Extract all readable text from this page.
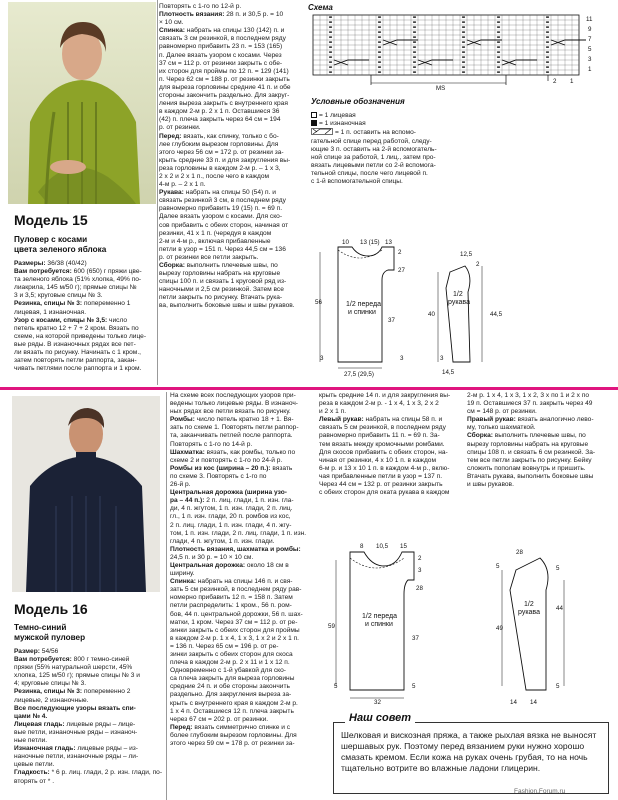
Модель 15
Пуловер с косами
цвета зеленого яблока
Размеры: 36/38 (40/42)
Вам потребуется: 600 (650) г пряжи цве-
та зеленого яблока (51% хлопка, 49% по-
лиакрила, 145 м/50 г); прямые спицы №
3 и 3,5; круговые спицы № 3.
Резинка, спицы № 3: попеременно 1
лицевая, 1 изнаночная.
Узор с косами, спицы № 3,5: число
петель кратно 12 + 7 + 2 кром. Вязать по
схеме, на которой приведены только лице-
вые ряды. В изнаночных рядах все пет-
ли вязать по рисунку. Начинать с 1 кром.,
затем повторять петли раппорта, закан-
чивать петлями после раппорта и 1 кром.
Повторять с 1-го по 12-й р.
Плотность вязания: 28 п. и 30,5 р. = 10
× 10 см.
Спинка: набрать на спицы 130 (142) п. и
связать 3 см резинкой, в последнем ряду
равномерно прибавить 23 п. = 153 (165)
п. Далее вязать узором с косами. Через
37 см = 112 р. от резинки закрыть с обе-
их сторон для проймы по 12 п. = 129 (141)
п. Через 62 см = 188 р. от резинки закрыть
для выреза горловины средние 41 п. и обе
стороны закончить раздельно. Для закруг-
ления выреза закрыть с внутреннего края
в каждом 2-м р. 2 х 1 п. Оставшиеся 36
(42) п. плеча закрыть через 64 см = 194
р. от резинки.
Перед: вязать, как спинку, только с бо-
лее глубоким вырезом горловины. Для
этого через 56 см = 172 р. от резинки за-
крыть средние 33 п. и для закругления вы-
реза горловины в каждом 2-м р. – 1 х 3,
2 х 2 и 2 х 1 п., после чего в каждом
4-м р. – 2 х 1 п.
Рукава: набрать на спицы 50 (54) п. и
связать резинкой 3 см, в последнем ряду
равномерно прибавить 19 (15) п. = 69 п.
Далее вязать узором с косами. Для ско-
сов прибавить с обеих сторон, начиная от
резинки, 41 х 1 п. (чередуя в каждом
2-м и 4-м р., включая прибавленные
петли в узор = 151 п. Через 44,5 см = 136
р. от резинки все петли закрыть.
Сборка: выполнить плечевые швы, по
вырезу горловины набрать на круговые
спицы 100 п. и связать 1 круговой ряд из-
наночными и 2,5 см резинкой. Затем все
петли закрыть по рисунку. Втачать рука-
ва, выполнить боковые швы и швы рукавов.
Схема
MS
11
9
7
5
3
1
2 1
Условные обозначения
= 1 лицевая
= 1 изнаночная
= 1 п. оставить на вспомо-
гательной спице перед работой, следу-
ющие 3 п. оставить на 2-й вспомогатель-
ной спице за работой, 1 лиц., затем про-
вязать лицевыми петли со 2-й вспомога-
тельной спицы, после чего лицевой п.
с 1-й вспомогательной спицы.
1/2 переда
и спинки
1/2
рукава
10 13 (15) 13
2
27
56
37
3	3
27,5 (29,5)
40	44,5
3
14,5
12,5
2
Модель 16
Темно-синий
мужской пуловер
Размер: 54/56
Вам потребуется: 800 г темно-синей
пряжи (55% натуральной шерсти, 45%
хлопка, 125 м/50 г); прямые спицы № 3 и
4; круговые спицы № 3.
Резинка, спицы № 3: попеременно 2
лицевые, 2 изнаночные.
Все последующие узоры вязать спи-
цами № 4.
Лицевая гладь: лицевые ряды – лице-
вые петли, изнаночные ряды – изнаноч-
ные петли.
Изнаночная гладь: лицевые ряды – из-
наночные петли, изнаночные ряды – ли-
цевые петли.
Гладкость: * 6 р. лиц. глади, 2 р. изн. глади, по-
вторять от * .
На схеме всех последующих узоров при-
ведены только лицевые ряды. В изнаноч-
ных рядах все петли вязать по рисунку.
Ромбы: число петель кратно 18 + 1. Вя-
зать по схеме 1. Повторять петли раппор-
та, заканчивать петлей после раппорта.
Повторять с 1-го по 14-й р.
Шахматка: вязать, как ромбы, только по
схеме 2 и повторять с 1-го по 24-й р.
Ромбы из кос (ширина – 20 п.): вязать
по схеме 3. Повторять с 1-го по
26-й р.
Центральная дорожка (ширина узо-
ра – 44 п.): 2 п. лиц. глади, 1 п. изн. гла-
ди, 4 п. жгутом, 1 п. изн. глади, 2 п. лиц.
гл., 1 п. изн. глади, 20 п. ромбов из кос,
2 п. лиц. глади, 1 п. изн. глади, 4 п. жгу-
том, 1 п. изн. глади, 2 п. лиц. глади, 1 п. изн.
глади, 4 п. жгутом, 1 п. изн. глади.
Плотность вязания, шахматка и ромбы:
24,5 п. и 30 р. = 10 × 10 см.
Центральная дорожка: около 18 см в
ширину.
Спинка: набрать на спицы 146 п. и свя-
зать 5 см резинкой, в последнем ряду рав-
номерно прибавить 12 п. = 158 п. Затем
петли распределить: 1 кром., 56 п. ром-
бов, 44 п. центральной дорожки, 56 п. шах-
матки, 1 кром. Через 37 см = 112 р. от ре-
зинки закрыть с обеих сторон для проймы
в каждом 2-м р. 1 х 4, 1 х 3, 1 х 2 и 2 х 1 п.
= 136 п. Через 65 см = 196 р. от ре-
зинки закрыть с обеих сторон для скоса
плеча в каждом 2-м р. 2 х 11 и 1 х 12 п.
Одновременно с 1-й убавкой для ско-
са плеча закрыть для выреза горловины
средние 24 п. и обе стороны закончить
раздельно. Для закругления выреза за-
крыть с внутреннего края в каждом 2-м р.
1 х 4 п. Оставшиеся 12 п. плеча закрыть
через 67 см = 202 р. от резинки.
Перед: вязать симметрично спинке и с
более глубоким вырезом горловины. Для
этого через 59 см = 178 р. от резинки за-
крыть средние 14 п. и для закругления вы-
реза в каждом 2-м р. - 1 х 4, 1 х 3, 2 х 2
и 2 х 1 п.
Левый рукав: набрать на спицы 58 п. и
связать 5 см резинкой, в последнем ряду
равномерно прибавить 11 п. = 69 п. За-
тем вязать между кромочными ромбами.
Для скосов прибавить с обеих сторон, на-
чиная от резинки, 4 х 10 1 п. в каждом
6-м р. и 13 х 10 1 п. в каждом 4-м р., вклю-
чая прибавленные петли в узор = 137 п.
Через 44 см = 132 р. от резинки закрыть
с обеих сторон для оката рукава в каждом
2-м р. 1 х 4, 1 х 3, 1 х 2, 3 х по 1 и 2 х по
19 п. Оставшиеся 37 п. закрыть через 49
см = 148 р. от резинки.
Правый рукав: вязать аналогично лево-
му, только шахматкой.
Сборка: выполнить плечевые швы, по
вырезу горловины набрать на круговые
спицы 108 п. и связать 6 см резинкой. За-
тем все петли закрыть по рисунку. Бейку
сложить пополам вовнутрь и пришить.
Втачать рукава, выполнить боковые швы
и швы рукавов.
1/2 переда
и спинки
8 10,5 15
2
3
28
59
37
5	5
32
1/2
рукава
5
28
5
44
49
5
14 14
Наш совет
Шелковая и вискозная пряжа, а также рыхлая вязка не выносят шершавых рук. Поэтому перед вязанием руки нужно хорошо смазать кремом. Если кожа на руках очень грубая, то на ночь тщательно вотрите во влажные ладони глицерин.
Fashion.Forum.ru
